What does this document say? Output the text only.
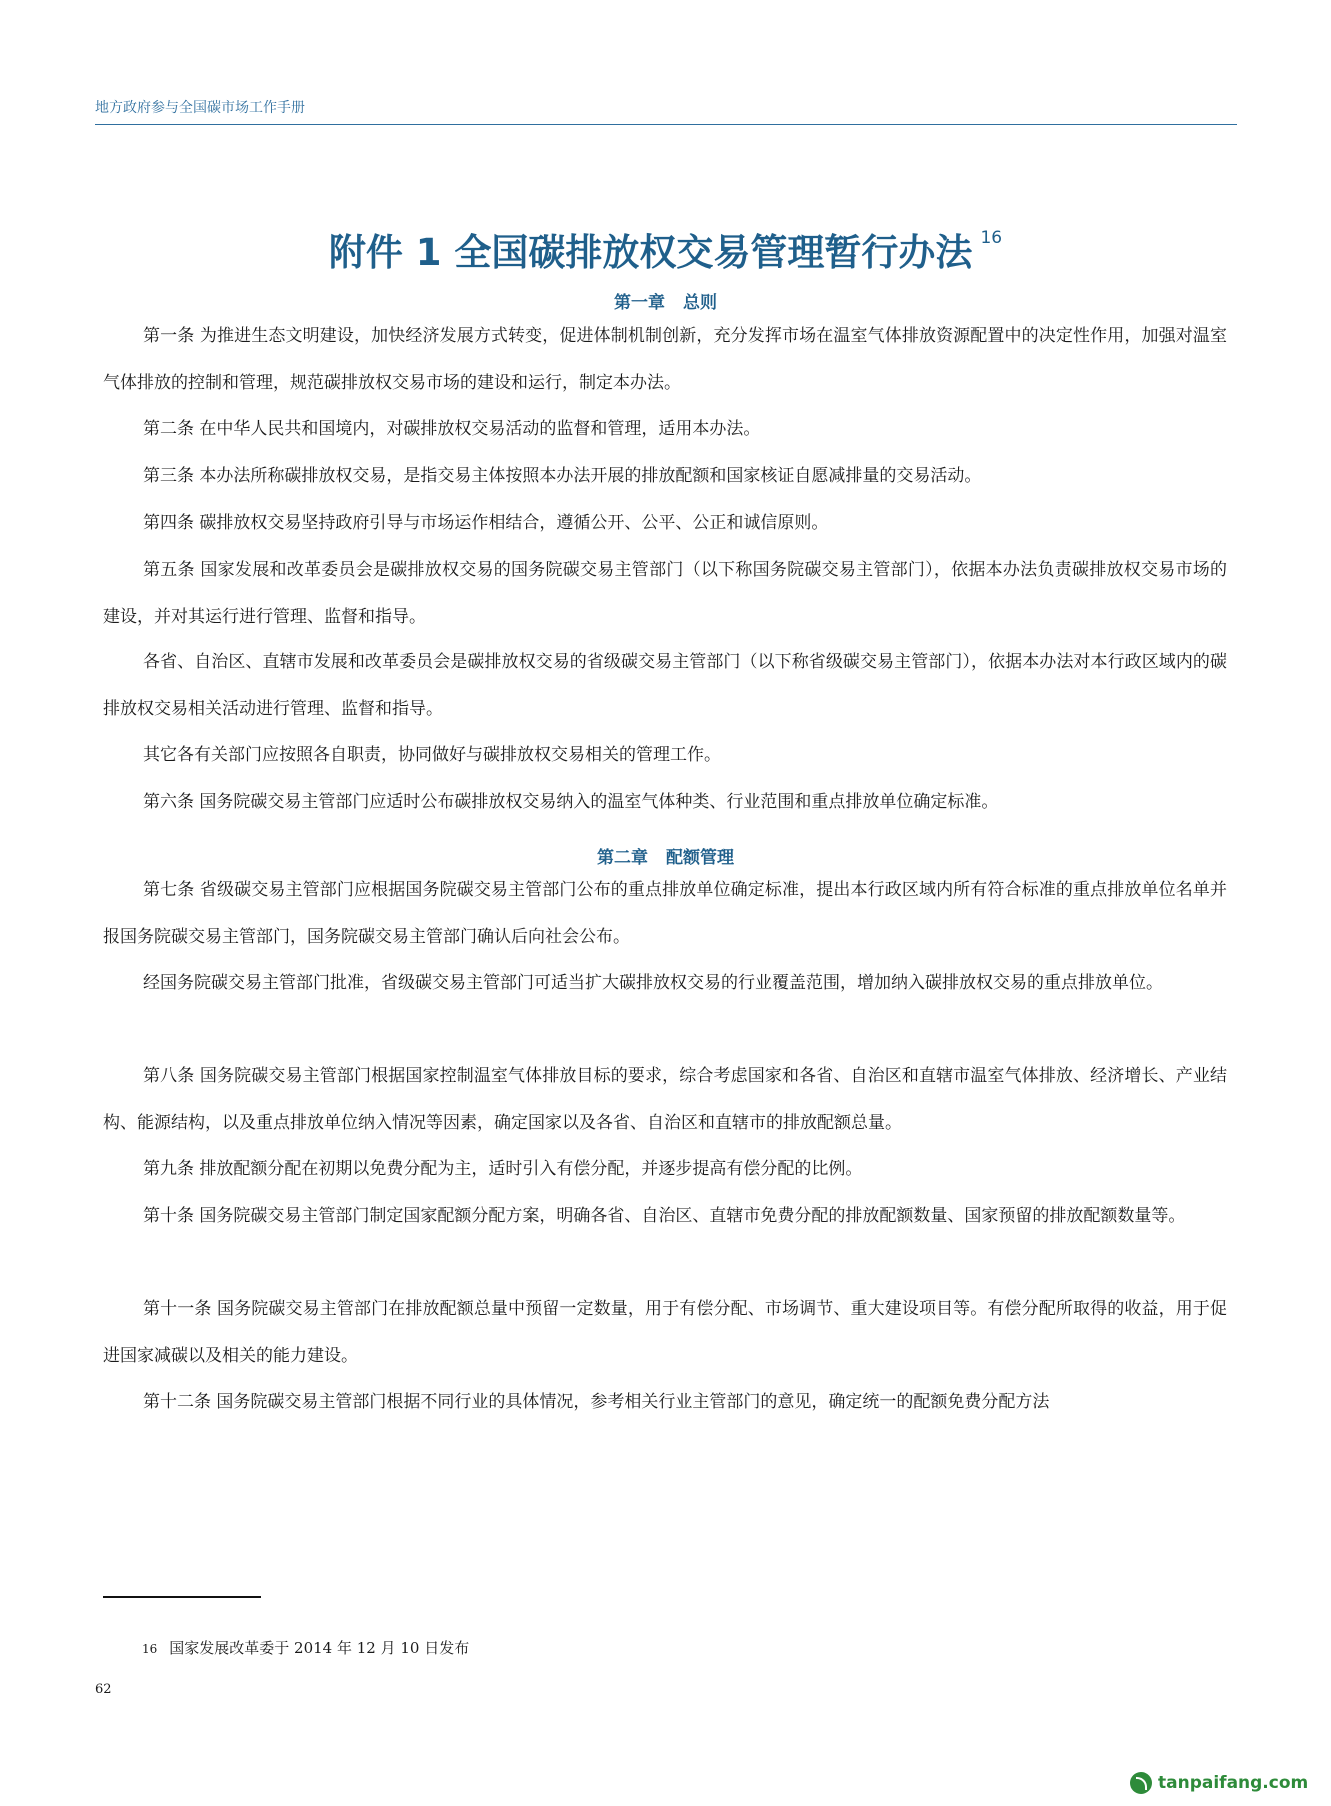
地方政府参与全国碳市场工作手册
附件 1 全国碳排放权交易管理暂行办法 $^{16}$
第一章 总则

第一条 为推进生态文明建设，加快经济发展方式转变，促进体制机制创新，充分发挥市场在温室气体排放资源配置中的决定性作用，加强对温室气体排放的控制和管理，规范碳排放权交易市场的建设和运行，制定本办法。

第二条 在中华人民共和国境内，对碳排放权交易活动的监督和管理，适用本办法。

第三条 本办法所称碳排放权交易，是指交易主体按照本办法开展的排放配额和国家核证自愿减排量的交易活动。

第四条 碳排放权交易坚持政府引导与市场运作相结合，遵循公开、公平、公正和诚信原则。

第五条 国家发展和改革委员会是碳排放权交易的国务院碳交易主管部门（以下称国务院碳交易主管部门），依据本办法负责碳排放权交易市场的建设，并对其运行进行管理、监督和指导。

各省、自治区、直辖市发展和改革委员会是碳排放权交易的省级碳交易主管部门（以下称省级碳交易主管部门），依据本办法对本行政区域内的碳排放权交易相关活动进行管理、监督和指导。

其它各有关部门应按照各自职责，协同做好与碳排放权交易相关的管理工作。

第六条 国务院碳交易主管部门应适时公布碳排放权交易纳入的温室气体种类、行业范围和重点排放单位确定标准。

第二章 配额管理

第七条 省级碳交易主管部门应根据国务院碳交易主管部门公布的重点排放单位确定标准，提出本行政区域内所有符合标准的重点排放单位名单并报国务院碳交易主管部门，国务院碳交易主管部门确认后向社会公布。

经国务院碳交易主管部门批准，省级碳交易主管部门可适当扩大碳排放权交易的行业覆盖范围，增加纳入碳排放权交易的重点排放单位。

第八条 国务院碳交易主管部门根据国家控制温室气体排放目标的要求，综合考虑国家和各省、自治区和直辖市温室气体排放、经济增长、产业结构、能源结构，以及重点排放单位纳入情况等因素，确定国家以及各省、自治区和直辖市的排放配额总量。

第九条 排放配额分配在初期以免费分配为主，适时引入有偿分配，并逐步提高有偿分配的比例。

第十条 国务院碳交易主管部门制定国家配额分配方案，明确各省、自治区、直辖市免费分配的排放配额数量、国家预留的排放配额数量等。

第十一条 国务院碳交易主管部门在排放配额总量中预留一定数量，用于有偿分配、市场调节、重大建设项目等。有偿分配所取得的收益，用于促进国家减碳以及相关的能力建设。

第十二条 国务院碳交易主管部门根据不同行业的具体情况，参考相关行业主管部门的意见，确定统一的配额免费分配方法

16 国家发展改革委于 2014 年 12 月 10 日发布
62
tanpaifang.com
